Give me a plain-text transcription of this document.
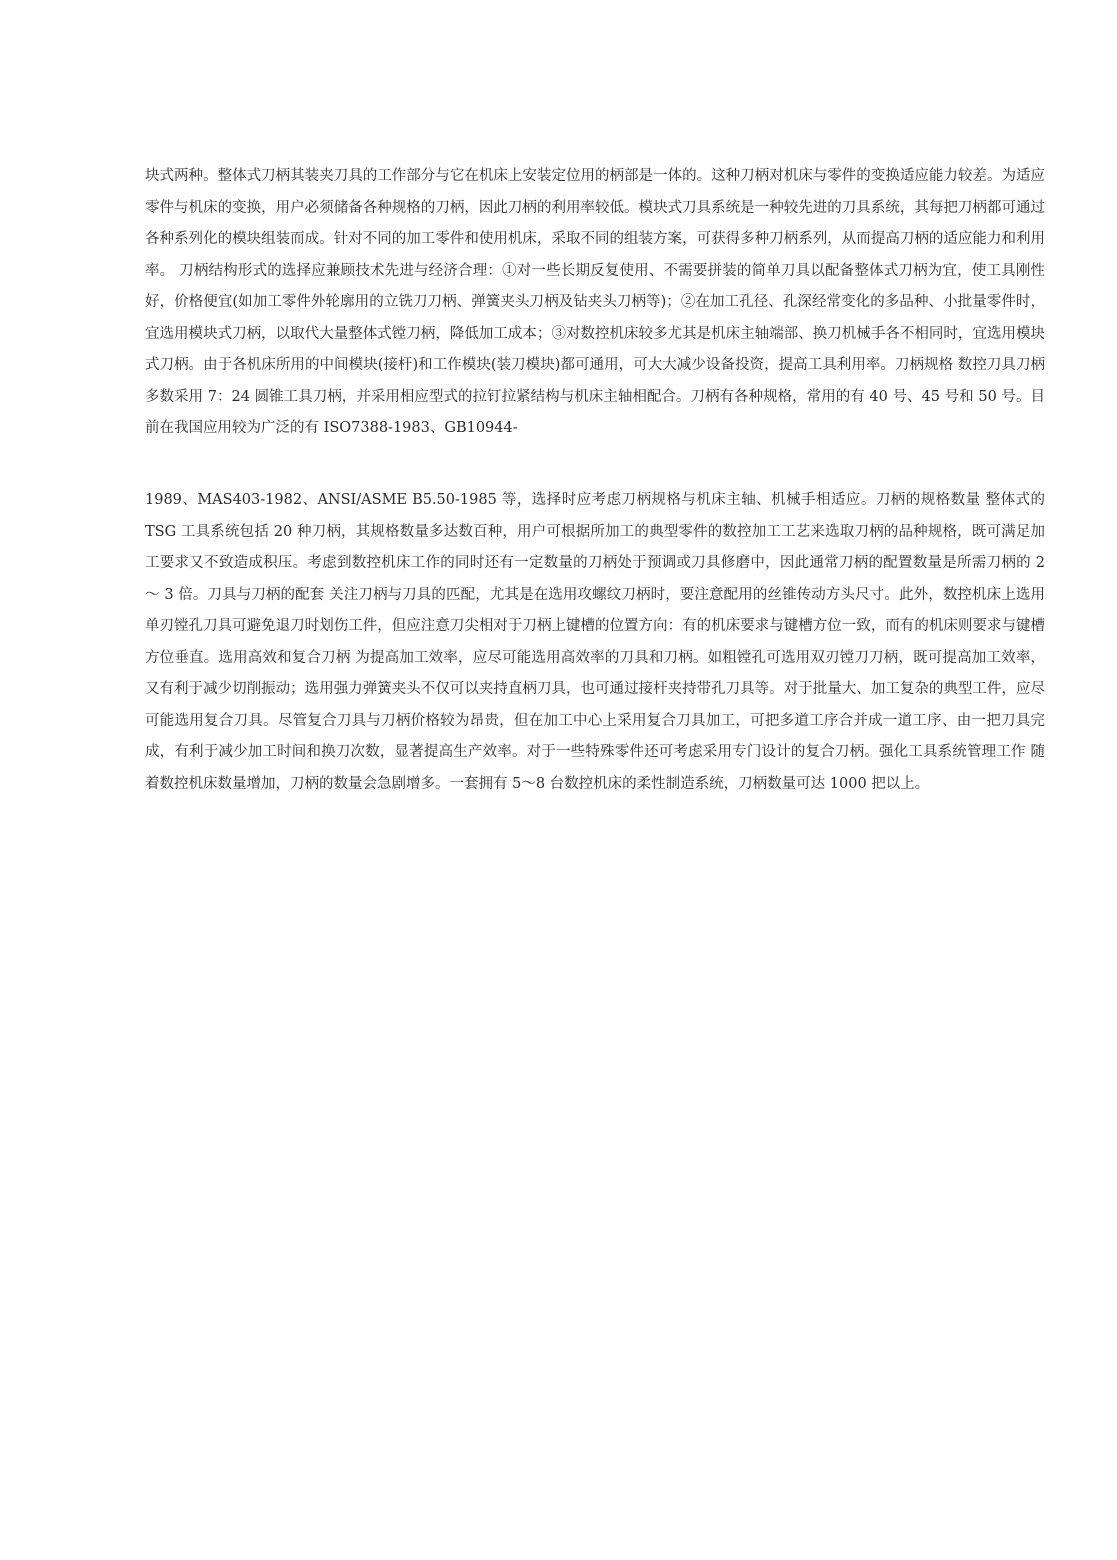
块式两种。整体式刀柄其装夹刀具的工作部分与它在机床上安装定位用的柄部是一体的。这种刀柄对机床与零件的变换适应能力较差。为适应零件与机床的变换，用户必须储备各种规格的刀柄，因此刀柄的利用率较低。模块式刀具系统是一种较先进的刀具系统，其每把刀柄都可通过各种系列化的模块组装而成。针对不同的加工零件和使用机床，采取不同的组装方案，可获得多种刀柄系列，从而提高刀柄的适应能力和利用率。 刀柄结构形式的选择应兼顾技术先进与经济合理：①对一些长期反复使用、不需要拼装的简单刀具以配备整体式刀柄为宜，使工具刚性好，价格便宜(如加工零件外轮廓用的立铣刀刀柄、弹簧夹头刀柄及钻夹头刀柄等)；②在加工孔径、孔深经常变化的多品种、小批量零件时，宜选用模块式刀柄，以取代大量整体式镗刀柄，降低加工成本；③对数控机床较多尤其是机床主轴端部、换刀机械手各不相同时，宜选用模块式刀柄。由于各机床所用的中间模块(接杆)和工作模块(装刀模块)都可通用，可大大减少设备投资，提高工具利用率。刀柄规格 数控刀具刀柄多数采用 7：24 圆锥工具刀柄，并采用相应型式的拉钉拉紧结构与机床主轴相配合。刀柄有各种规格，常用的有 40 号、45 号和 50 号。目前在我国应用较为广泛的有 ISO7388-1983、GB10944-

1989、MAS403-1982、ANSI/ASME B5.50-1985 等，选择时应考虑刀柄规格与机床主轴、机械手相适应。刀柄的规格数量 整体式的 TSG 工具系统包括 20 种刀柄，其规格数量多达数百种，用户可根据所加工的典型零件的数控加工工艺来选取刀柄的品种规格，既可满足加工要求又不致造成积压。考虑到数控机床工作的同时还有一定数量的刀柄处于预调或刀具修磨中，因此通常刀柄的配置数量是所需刀柄的 2 ～ 3 倍。刀具与刀柄的配套 关注刀柄与刀具的匹配，尤其是在选用攻螺纹刀柄时，要注意配用的丝锥传动方头尺寸。此外，数控机床上选用单刃镗孔刀具可避免退刀时划伤工件，但应注意刀尖相对于刀柄上键槽的位置方向：有的机床要求与键槽方位一致，而有的机床则要求与键槽方位垂直。选用高效和复合刀柄 为提高加工效率，应尽可能选用高效率的刀具和刀柄。如粗镗孔可选用双刃镗刀刀柄，既可提高加工效率，又有利于减少切削振动；选用强力弹簧夹头不仅可以夹持直柄刀具，也可通过接杆夹持带孔刀具等。对于批量大、加工复杂的典型工件，应尽可能选用复合刀具。尽管复合刀具与刀柄价格较为昂贵，但在加工中心上采用复合刀具加工，可把多道工序合并成一道工序、由一把刀具完成，有利于减少加工时间和换刀次数，显著提高生产效率。对于一些特殊零件还可考虑采用专门设计的复合刀柄。强化工具系统管理工作 随着数控机床数量增加，刀柄的数量会急剧增多。一套拥有 5～8 台数控机床的柔性制造系统，刀柄数量可达 1000 把以上。
